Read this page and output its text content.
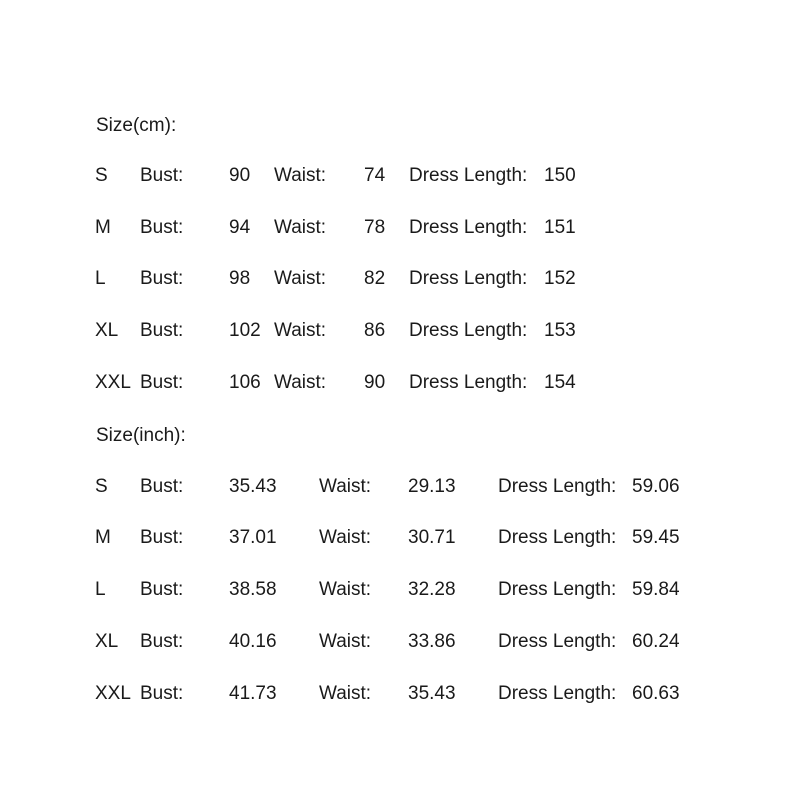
Size(cm):
S Bust: 90 Waist: 74 Dress Length: 150
M Bust: 94 Waist: 78 Dress Length: 151
L Bust: 98 Waist: 82 Dress Length: 152
XL Bust: 102 Waist: 86 Dress Length: 153
XXL Bust: 106 Waist: 90 Dress Length: 154
Size(inch):
S Bust: 35.43 Waist: 29.13 Dress Length: 59.06
M Bust: 37.01 Waist: 30.71 Dress Length: 59.45
L Bust: 38.58 Waist: 32.28 Dress Length: 59.84
XL Bust: 40.16 Waist: 33.86 Dress Length: 60.24
XXL Bust: 41.73 Waist: 35.43 Dress Length: 60.63
